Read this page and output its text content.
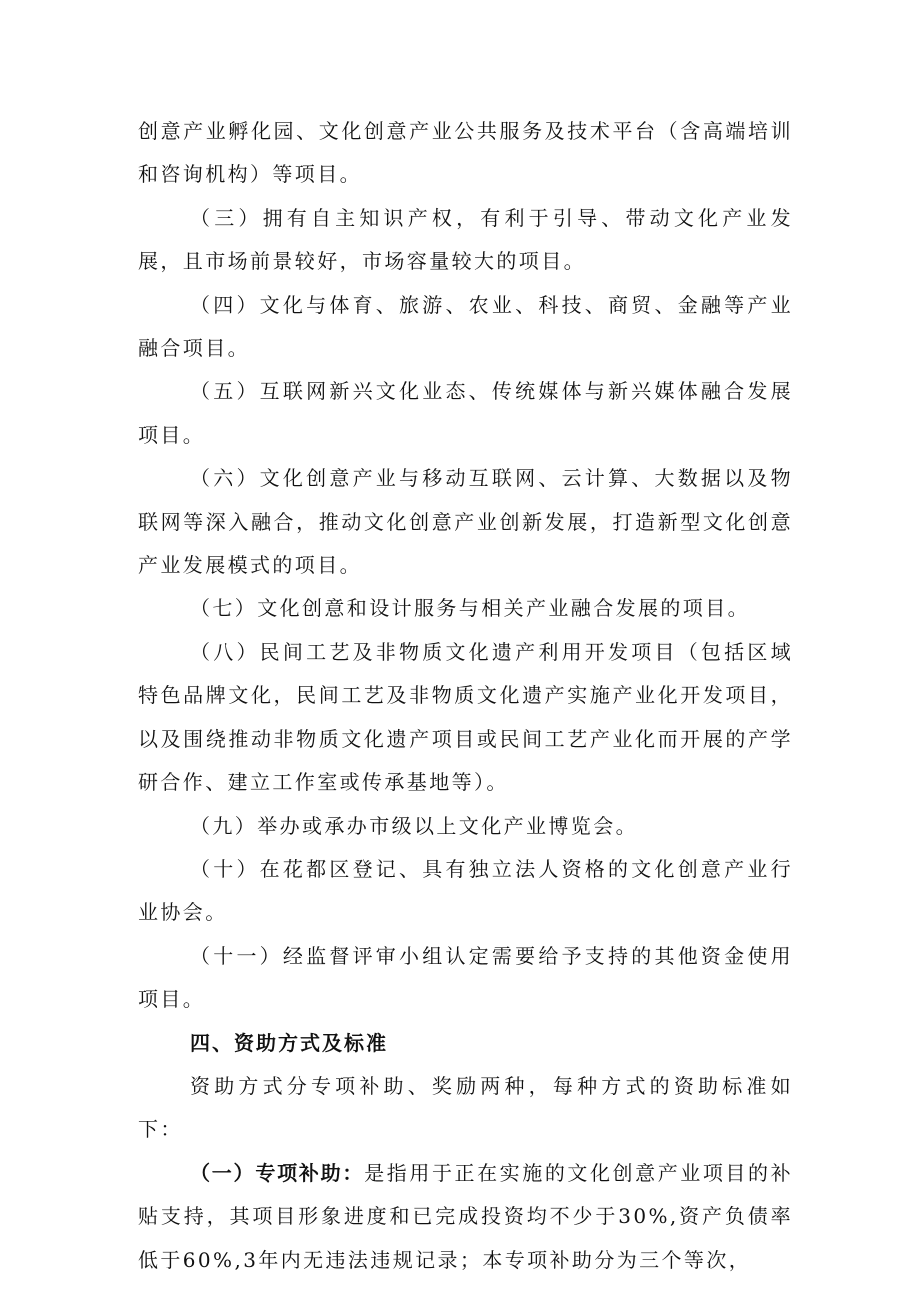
创意产业孵化园、文化创意产业公共服务及技术平台（含高端培训和咨询机构）等项目。

（三）拥有自主知识产权，有利于引导、带动文化产业发展，且市场前景较好，市场容量较大的项目。

（四）文化与体育、旅游、农业、科技、商贸、金融等产业融合项目。

（五）互联网新兴文化业态、传统媒体与新兴媒体融合发展项目。

（六）文化创意产业与移动互联网、云计算、大数据以及物联网等深入融合，推动文化创意产业创新发展，打造新型文化创意产业发展模式的项目。

（七）文化创意和设计服务与相关产业融合发展的项目。

（八）民间工艺及非物质文化遗产利用开发项目（包括区域特色品牌文化，民间工艺及非物质文化遗产实施产业化开发项目，以及围绕推动非物质文化遗产项目或民间工艺产业化而开展的产学研合作、建立工作室或传承基地等）。

（九）举办或承办市级以上文化产业博览会。

（十）在花都区登记、具有独立法人资格的文化创意产业行业协会。

（十一）经监督评审小组认定需要给予支持的其他资金使用项目。

四、资助方式及标准

资助方式分专项补助、奖励两种，每种方式的资助标准如下：

（一）专项补助：是指用于正在实施的文化创意产业项目的补贴支持，其项目形象进度和已完成投资均不少于30%,资产负债率低于60%,3年内无违法违规记录；本专项补助分为三个等次，
